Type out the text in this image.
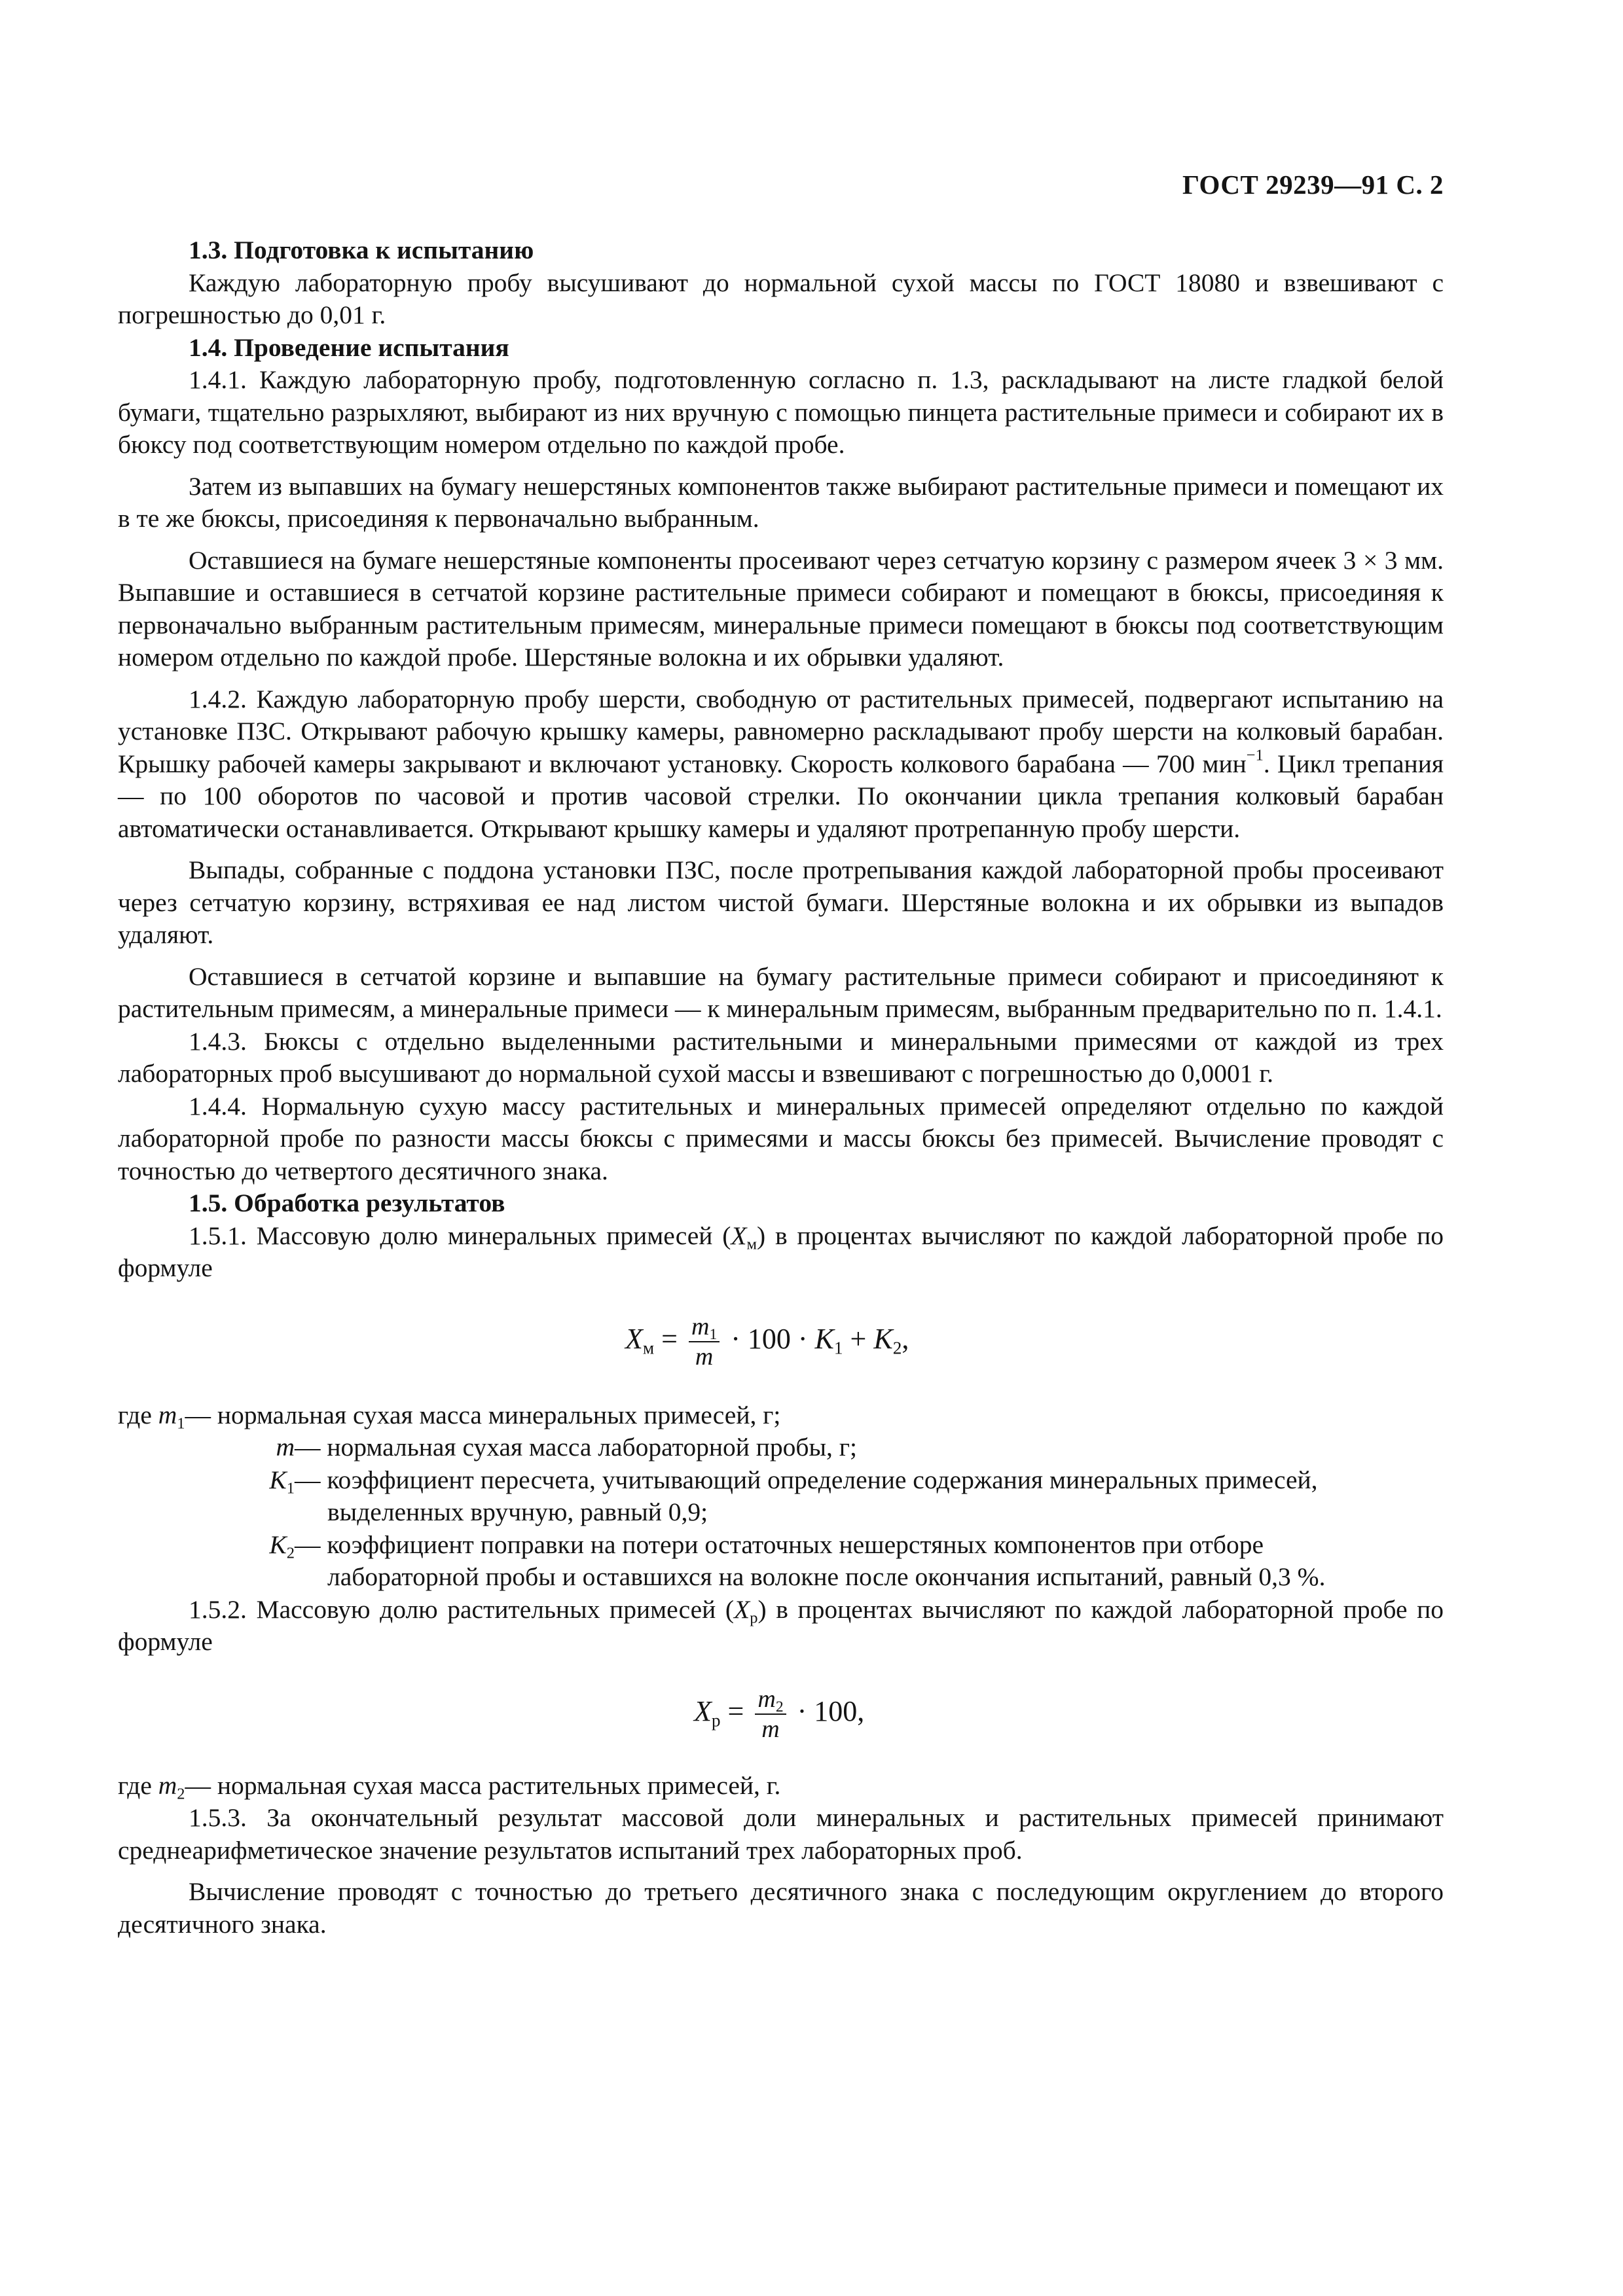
ГОСТ 29239—91 С. 2

1.3. Подготовка к испытанию

Каждую лабораторную пробу высушивают до нормальной сухой массы по ГОСТ 18080 и взвешивают с погрешностью до 0,01 г.

1.4. Проведение испытания

1.4.1. Каждую лабораторную пробу, подготовленную согласно п. 1.3, раскладывают на листе гладкой белой бумаги, тщательно разрыхляют, выбирают из них вручную с помощью пинцета растительные примеси и собирают их в бюксу под соответствующим номером отдельно по каждой пробе.

Затем из выпавших на бумагу нешерстяных компонентов также выбирают растительные примеси и помещают их в те же бюксы, присоединяя к первоначально выбранным.

Оставшиеся на бумаге нешерстяные компоненты просеивают через сетчатую корзину с размером ячеек 3 × 3 мм. Выпавшие и оставшиеся в сетчатой корзине растительные примеси собирают и помещают в бюксы, присоединяя к первоначально выбранным растительным примесям, минеральные примеси помещают в бюксы под соответствующим номером отдельно по каждой пробе. Шерстяные волокна и их обрывки удаляют.

1.4.2. Каждую лабораторную пробу шерсти, свободную от растительных примесей, подвергают испытанию на установке ПЗС. Открывают рабочую крышку камеры, равномерно раскладывают пробу шерсти на колковый барабан. Крышку рабочей камеры закрывают и включают установку. Скорость колкового барабана — 700 мин$^{-1}$. Цикл трепания — по 100 оборотов по часовой и против часовой стрелки. По окончании цикла трепания колковый барабан автоматически останавливается. Открывают крышку камеры и удаляют протрепанную пробу шерсти.

Выпады, собранные с поддона установки ПЗС, после протрепывания каждой лабораторной пробы просеивают через сетчатую корзину, встряхивая ее над листом чистой бумаги. Шерстяные волокна и их обрывки из выпадов удаляют.

Оставшиеся в сетчатой корзине и выпавшие на бумагу растительные примеси собирают и присоединяют к растительным примесям, а минеральные примеси — к минеральным примесям, выбранным предварительно по п. 1.4.1.

1.4.3. Бюксы с отдельно выделенными растительными и минеральными примесями от каждой из трех лабораторных проб высушивают до нормальной сухой массы и взвешивают с погрешностью до 0,0001 г.

1.4.4. Нормальную сухую массу растительных и минеральных примесей определяют отдельно по каждой лабораторной пробе по разности массы бюксы с примесями и массы бюксы без примесей. Вычисление проводят с точностью до четвертого десятичного знака.

1.5. Обработка результатов

1.5.1. Массовую долю минеральных примесей $(X_м)$ в процентах вычисляют по каждой лабораторной пробе по формуле

$X_м = \frac{m_1}{m} \cdot 100 \cdot K_1 + K_2$,
где $m_1$ — нормальная сухая масса минеральных примесей, г;
m — нормальная сухая масса лабораторной пробы, г;
$K_1$ — коэффициент пересчета, учитывающий определение содержания минеральных примесей,
выделенных вручную, равный 0,9;
$K_2$ — коэффициент поправки на потери остаточных нешерстяных компонентов при отборе
лабораторной пробы и оставшихся на волокне после окончания испытаний, равный 0,3 %.

1.5.2. Массовую долю растительных примесей $(X_р)$ в процентах вычисляют по каждой лабораторной пробе по формуле

$X_р = \frac{m_2}{m} \cdot 100$,
где $m_2$ — нормальная сухая масса растительных примесей, г.

1.5.3. За окончательный результат массовой доли минеральных и растительных примесей принимают среднеарифметическое значение результатов испытаний трех лабораторных проб.

Вычисление проводят с точностью до третьего десятичного знака с последующим округлением до второго десятичного знака.
